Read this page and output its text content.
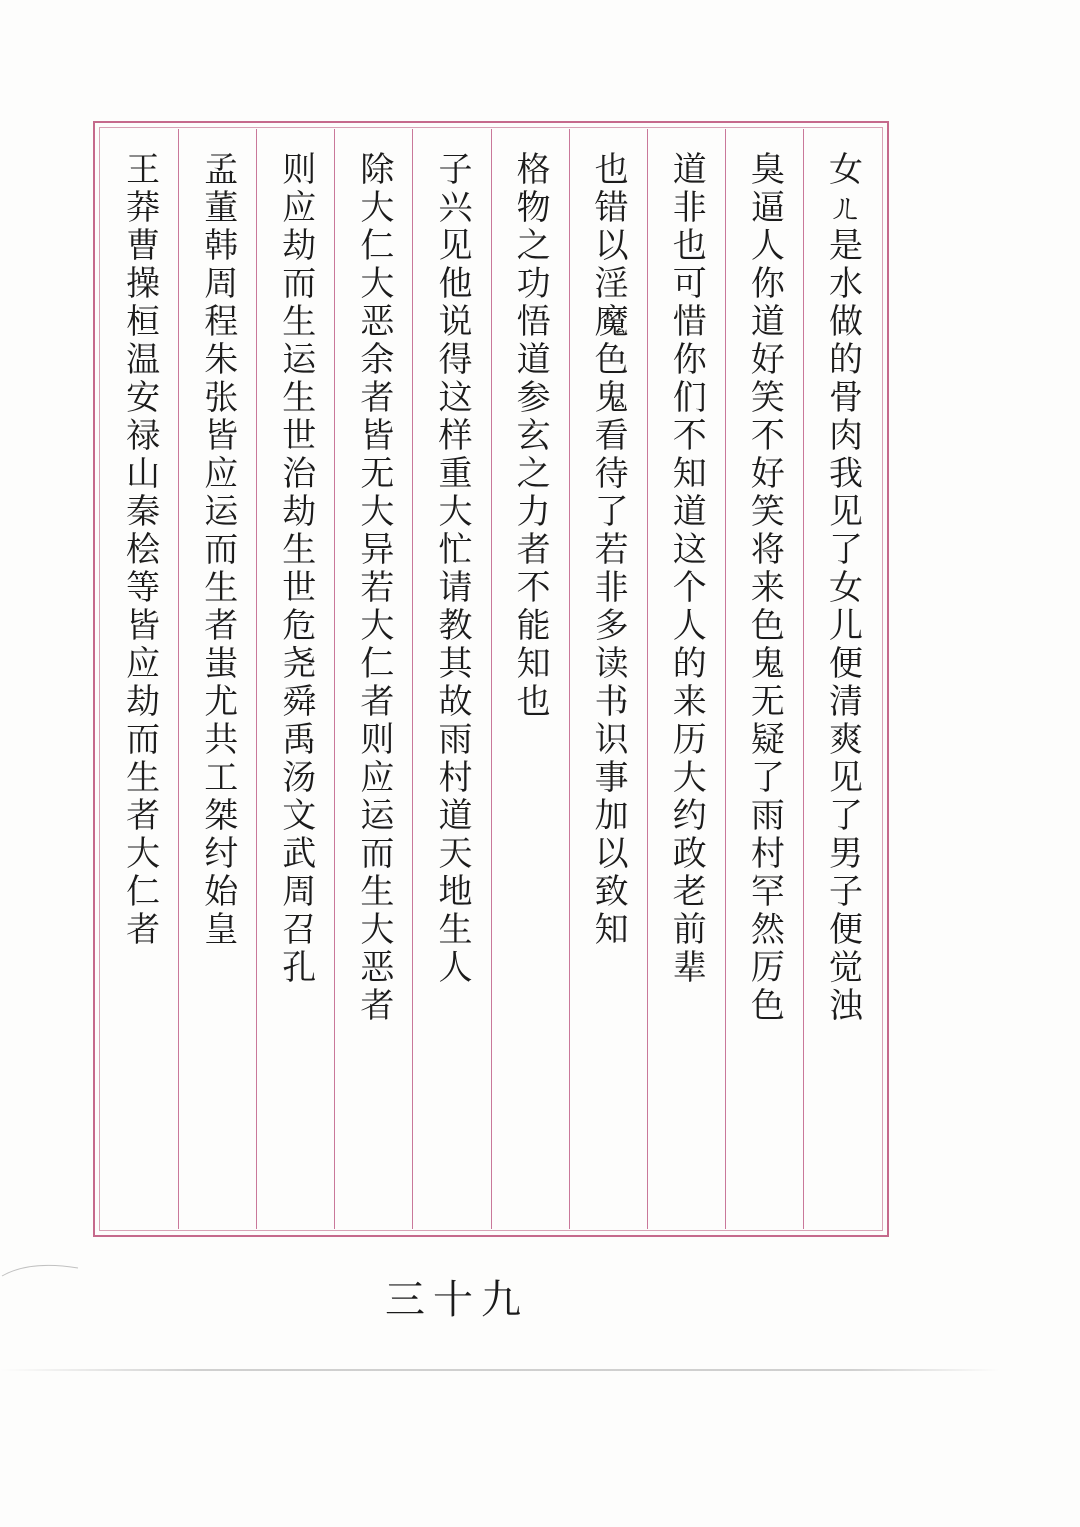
女ㄦ是水做的骨肉我见了女儿便清爽见了男子便觉浊
臭逼人你道好笑不好笑将来色鬼无疑了雨村罕然厉色
道非也可惜你们不知道这个人的来历大约政老前辈
也错以淫魔色鬼看待了若非多读书识事加以致知
格物之功悟道参玄之力者不能知也
子兴见他说得这样重大忙请教其故雨村道天地生人
除大仁大恶余者皆无大异若大仁者则应运而生大恶者
则应劫而生运生世治劫生世危尧舜禹汤文武周召孔
孟董韩周程朱张皆应运而生者蚩尤共工桀纣始皇
王莽曹操桓温安禄山秦桧等皆应劫而生者大仁者
三十九
